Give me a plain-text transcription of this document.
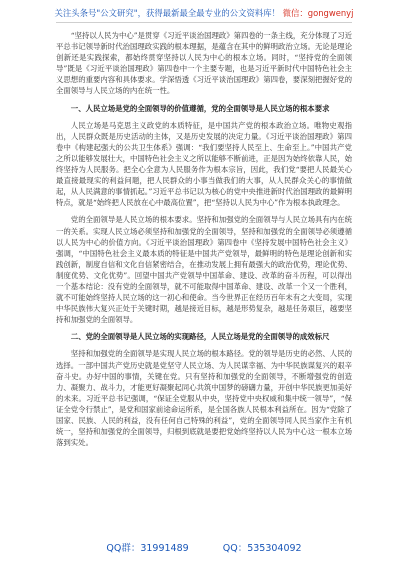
关注头条号"公文研究"，获得最新最全最专业的公文资料库！ 微信：gongwenyj

“坚持以人民为中心”是贯穿《习近平谈治国理政》第四卷的一条主线，充分体现了习近平总书记领导新时代治国理政实践的根本理据，是蕴含在其中的鲜明政治立场。无论是理论创新还是实践探索，都始终贯穿坚持以人民为中心的根本立场。同时，“坚持党的全面领导”既是《习近平谈治国理政》第四卷中一个主要专题，也是习近平新时代中国特色社会主义思想的重要内容和具体要求。学深悟透《习近平谈治国理政》第四卷，要深刻把握好党的全面领导与人民立场的内在统一性。

一、人民立场是党的全面领导的价值遵循，党的全面领导是人民立场的根本要求

人民立场是马克思主义政党的本质特征，是中国共产党的根本政治立场。唯物史观指出，人民群众既是历史活动的主体，又是历史发展的决定力量。《习近平谈治国理政》第四卷中《构建起强大的公共卫生体系》强调：“我们要坚持人民至上、生命至上。”中国共产党之所以能够发展壮大，中国特色社会主义之所以能够不断前进，正是因为始终依靠人民，始终坚持为人民服务。把全心全意为人民服务作为根本宗旨，因此，我们党“要把人民最关心最直接最现实的利益问题，把人民群众的小事当做我们的大事，从人民群众关心的事情做起，从人民满意的事情抓起。”习近平总书记以为核心的党中央推进新时代治国理政的最鲜明特点，就是“始终把人民放在心中最高位置”，把“坚持以人民为中心”作为根本执政理念。

党的全面领导是人民立场的根本要求。坚持和加强党的全面领导与人民立场具有内在统一的关系。实现人民立场必须坚持和加强党的全面领导，坚持和加强党的全面领导必须遵循以人民为中心的价值方向。《习近平谈治国理政》第四卷中《坚持发展中国特色社会主义》强调，“中国特色社会主义最本质的特征是中国共产党领导，最鲜明的特色是理论创新和实践创新，制度自信和文化自信紧密结合，在推动发展上拥有最强大的政治优势，理论优势、制度优势、文化优势”。回望中国共产党领导中国革命、建设、改革的奋斗历程，可以得出一个基本结论：没有党的全面领导，就不可能取得中国革命、建设、改革一个又一个胜利，就不可能始终坚持人民立场的这一初心和使命。当今世界正在经历百年未有之大变局，实现中华民族伟大复兴正处于关键时期，越是接近目标，越是形势复杂，越是任务艰巨，越要坚持和加强党的全面领导。

二、党的全面领导是人民立场的实现路径，人民立场是党的全面领导的成效标尺

坚持和加强党的全面领导是实现人民立场的根本路径。党的领导是历史的必然、人民的选择。一部中国共产党历史就是党坚守人民立场、为人民谋幸福、为中华民族谋复兴的艰辛奋斗史。办好中国的事情，关键在党。只有坚持和加强党的全面领导，不断增强党的创造力、凝聚力、战斗力，才能更好凝聚起同心共筑中国梦的磅礴力量，开创中华民族更加美好的未来。习近平总书记强调，“保证全党服从中央，坚持党中央权威和集中统一领导”，“保证全党令行禁止”，是党和国家前途命运所系，是全国各族人民根本利益所在。因为“党除了国家、民族、人民的利益，没有任何自己特殊的利益”，党的全面领导同人民当家作主有机统一，坚持和加强党的全面领导，归根到底就是要把党始终坚持以人民为中心这一根本立场落到实处。

QQ群：31991489	QQ：535304092
